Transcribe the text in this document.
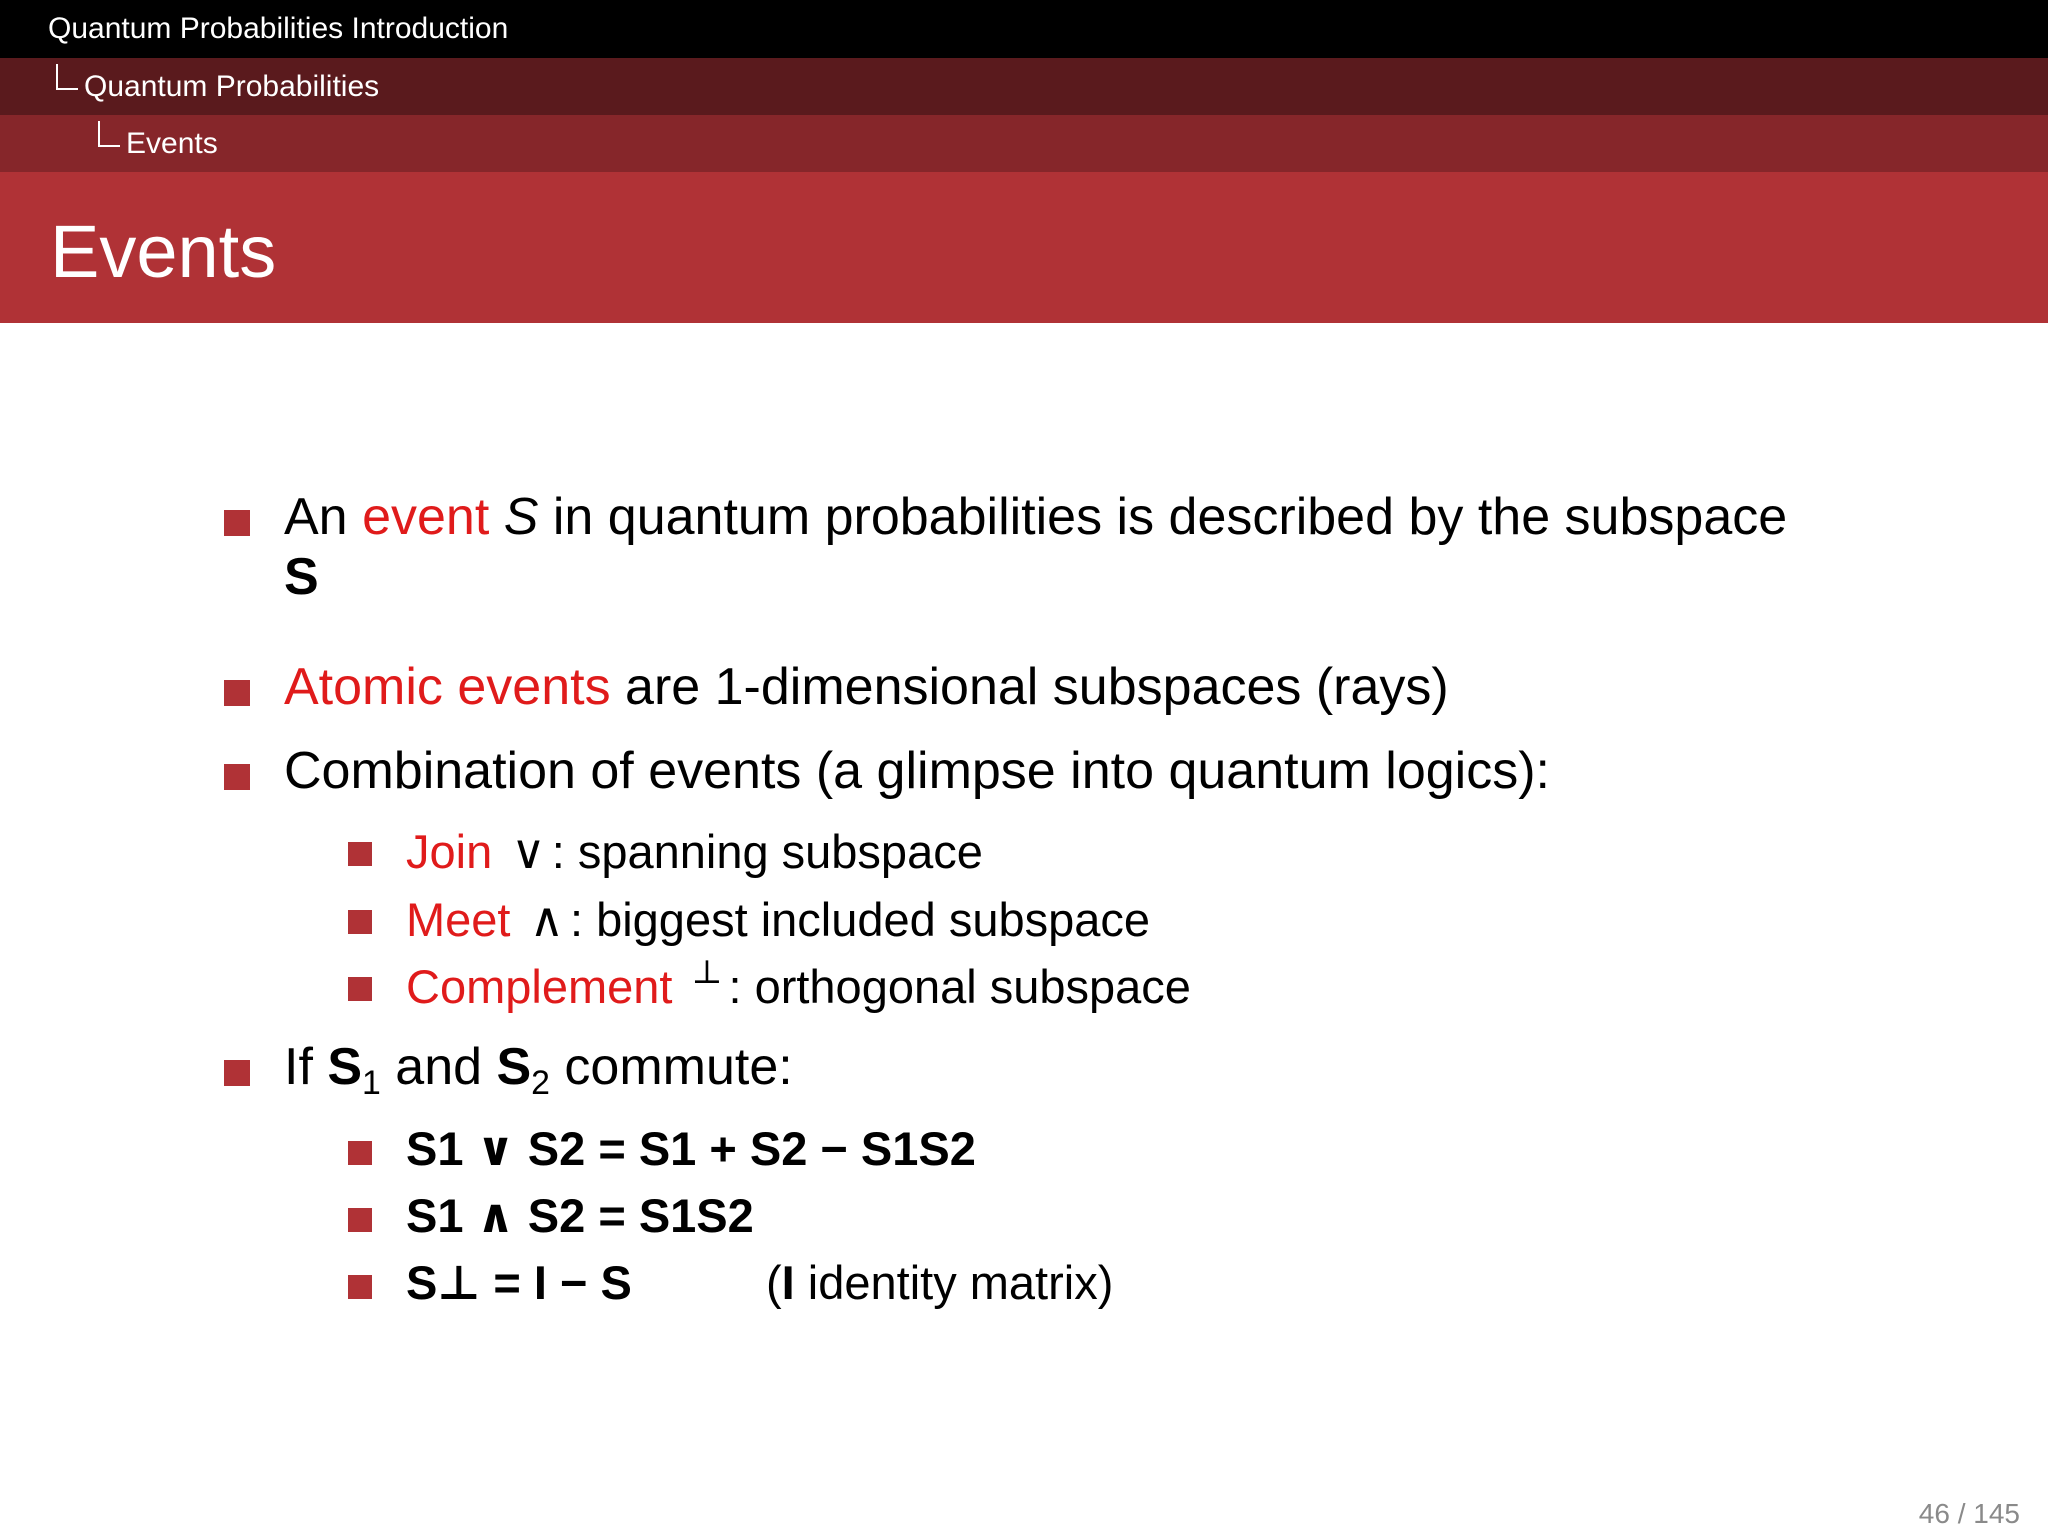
Quantum Probabilities Introduction
Quantum Probabilities
Events
Events
An event S in quantum probabilities is described by the subspace
S
Atomic events are 1-dimensional subspaces (rays)
Combination of events (a glimpse into quantum logics):
Join ∨ : spanning subspace
Meet ∧ : biggest included subspace
Complement ⊥ : orthogonal subspace
If $S_1$ and $S_2$ commute:
S1 ∨ S2 = S1 + S2 − S1S2
S1 ∧ S2 = S1S2
S⊥ = I − S	(I identity matrix)
46 / 145
